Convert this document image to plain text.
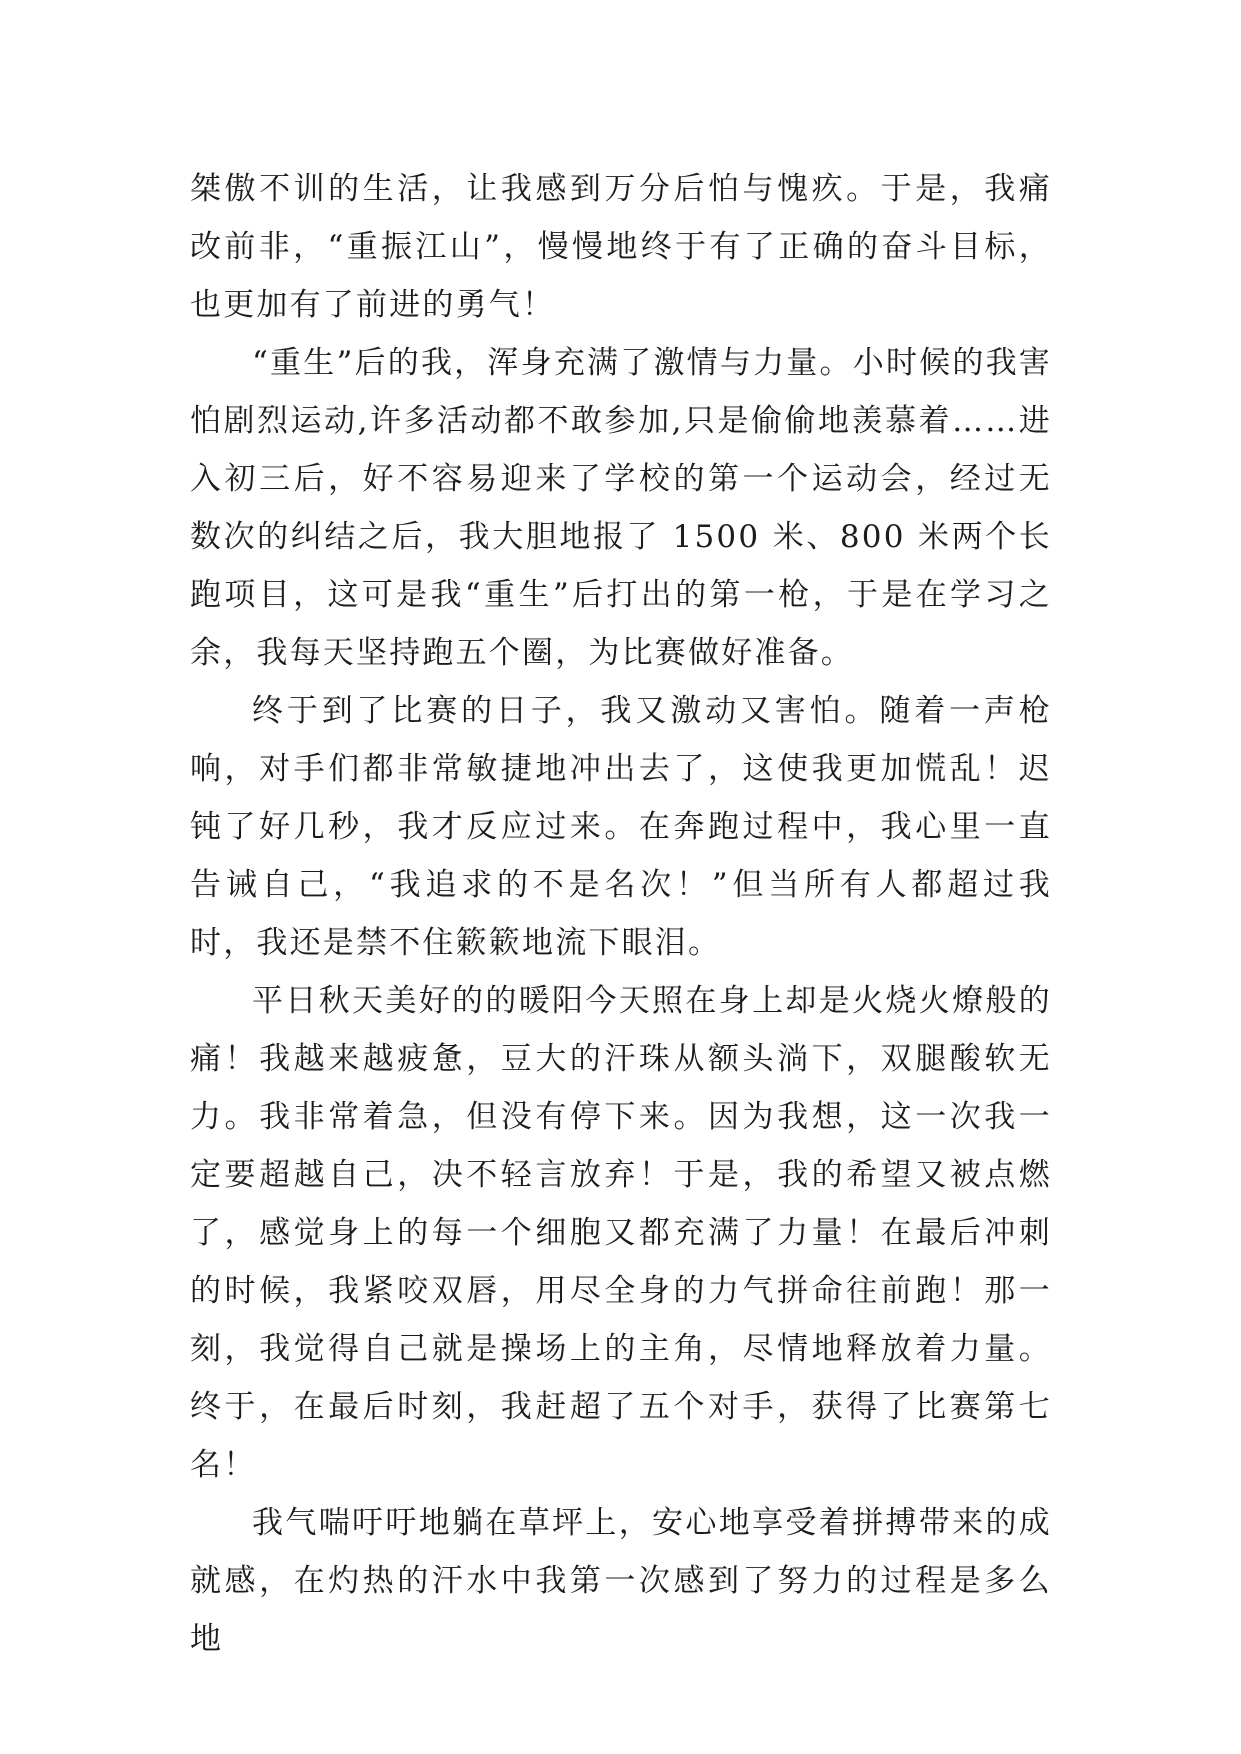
桀傲不训的生活，让我感到万分后怕与愧疚。于是，我痛改前非，“重振江山”，慢慢地终于有了正确的奋斗目标，也更加有了前进的勇气！

“重生”后的我，浑身充满了激情与力量。小时候的我害怕剧烈运动,许多活动都不敢参加,只是偷偷地羡慕着……进入初三后，好不容易迎来了学校的第一个运动会，经过无数次的纠结之后，我大胆地报了 1500 米、800 米两个长跑项目，这可是我“重生”后打出的第一枪，于是在学习之余，我每天坚持跑五个圈，为比赛做好准备。

终于到了比赛的日子，我又激动又害怕。随着一声枪响，对手们都非常敏捷地冲出去了，这使我更加慌乱！迟钝了好几秒，我才反应过来。在奔跑过程中，我心里一直告诫自己，“我追求的不是名次！”但当所有人都超过我时，我还是禁不住簌簌地流下眼泪。

平日秋天美好的的暖阳今天照在身上却是火烧火燎般的痛！我越来越疲惫，豆大的汗珠从额头淌下，双腿酸软无力。我非常着急，但没有停下来。因为我想，这一次我一定要超越自己，决不轻言放弃！于是，我的希望又被点燃了，感觉身上的每一个细胞又都充满了力量！在最后冲刺的时候，我紧咬双唇，用尽全身的力气拼命往前跑！那一刻，我觉得自己就是操场上的主角，尽情地释放着力量。终于，在最后时刻，我赶超了五个对手，获得了比赛第七名！

我气喘吁吁地躺在草坪上，安心地享受着拼搏带来的成就感，在灼热的汗水中我第一次感到了努力的过程是多么地
